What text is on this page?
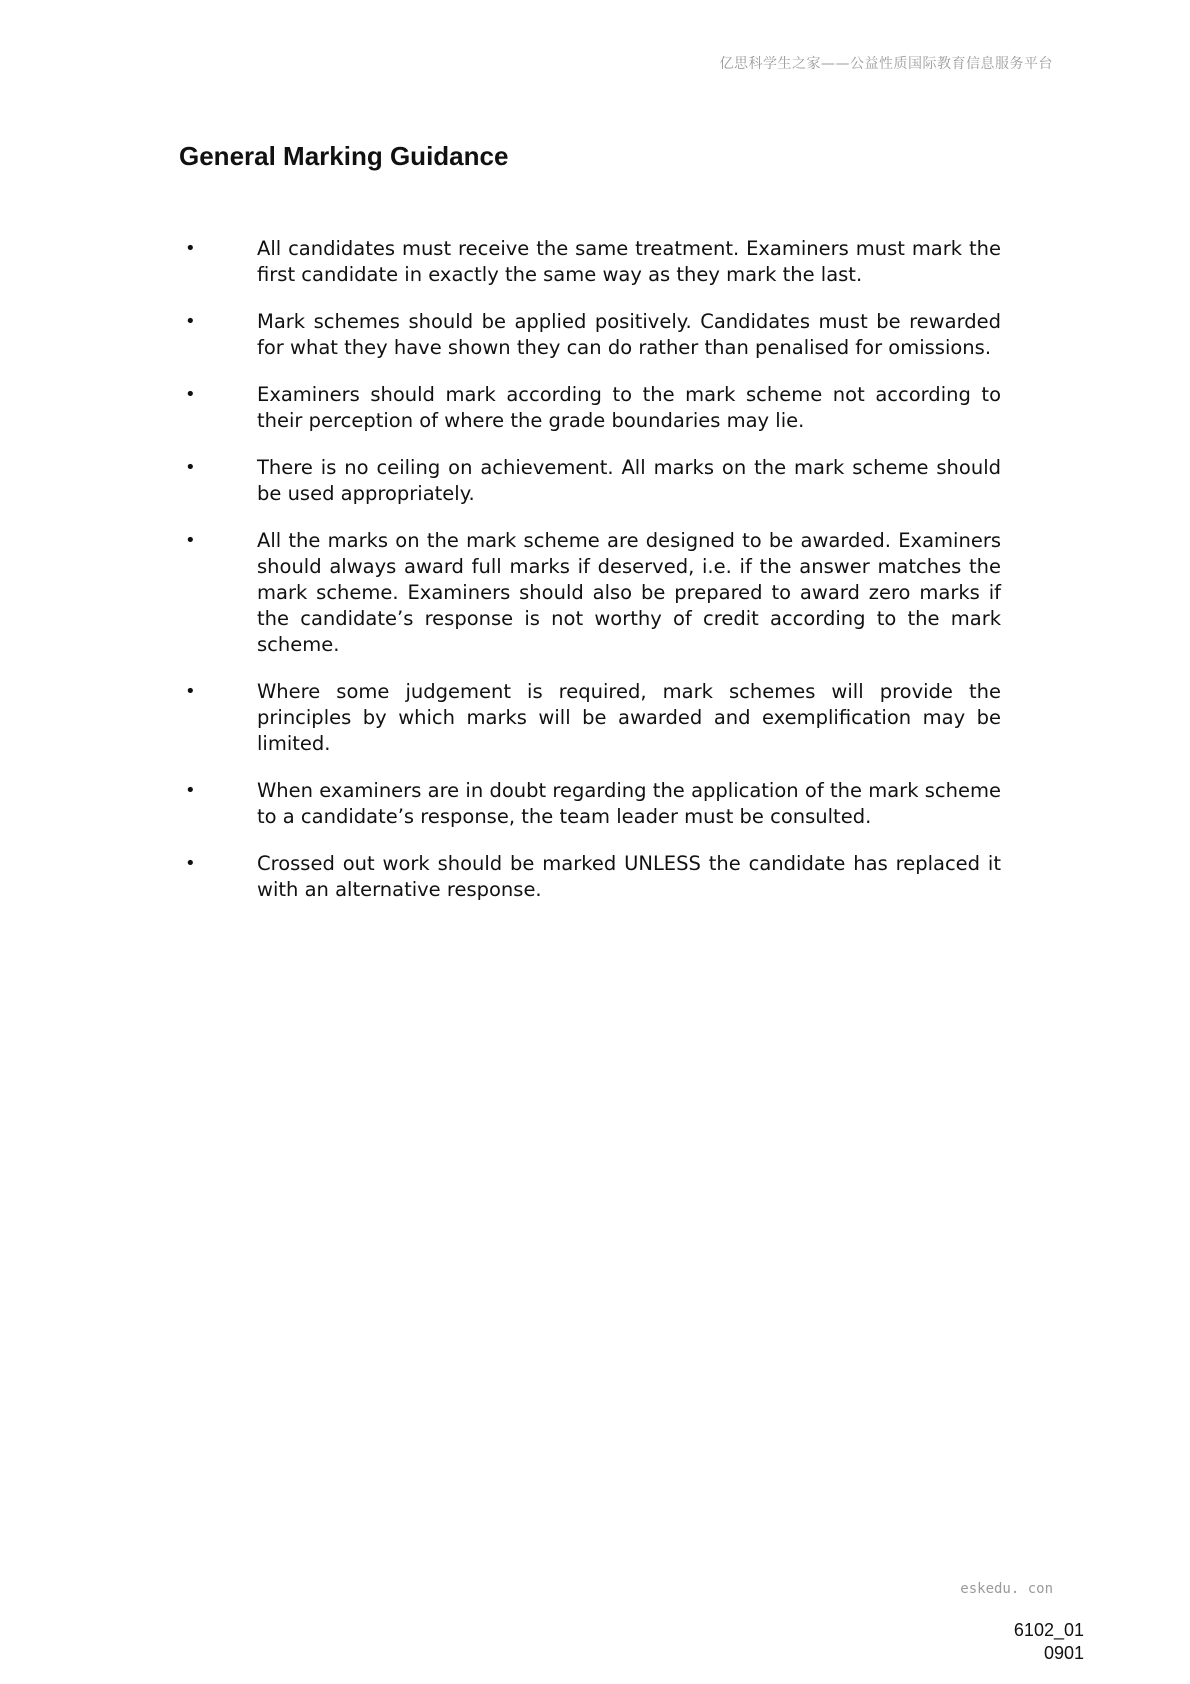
亿思科学生之家——公益性质国际教育信息服务平台
General Marking Guidance
•	All candidates must receive the same treatment. Examiners must mark the first candidate in exactly the same way as they mark the last.
•	Mark schemes should be applied positively. Candidates must be rewarded for what they have shown they can do rather than penalised for omissions.
•	Examiners should mark according to the mark scheme not according to their perception of where the grade boundaries may lie.
•	There is no ceiling on achievement. All marks on the mark scheme should be used appropriately.
•	All the marks on the mark scheme are designed to be awarded. Examiners should always award full marks if deserved, i.e. if the answer matches the mark scheme. Examiners should also be prepared to award zero marks if the candidate’s response is not worthy of credit according to the mark scheme.
•	Where some judgement is required, mark schemes will provide the principles by which marks will be awarded and exemplification may be limited.
•	When examiners are in doubt regarding the application of the mark scheme to a candidate’s response, the team leader must be consulted.
•	Crossed out work should be marked UNLESS the candidate has replaced it with an alternative response.
eskedu. con
6102_01
0901
